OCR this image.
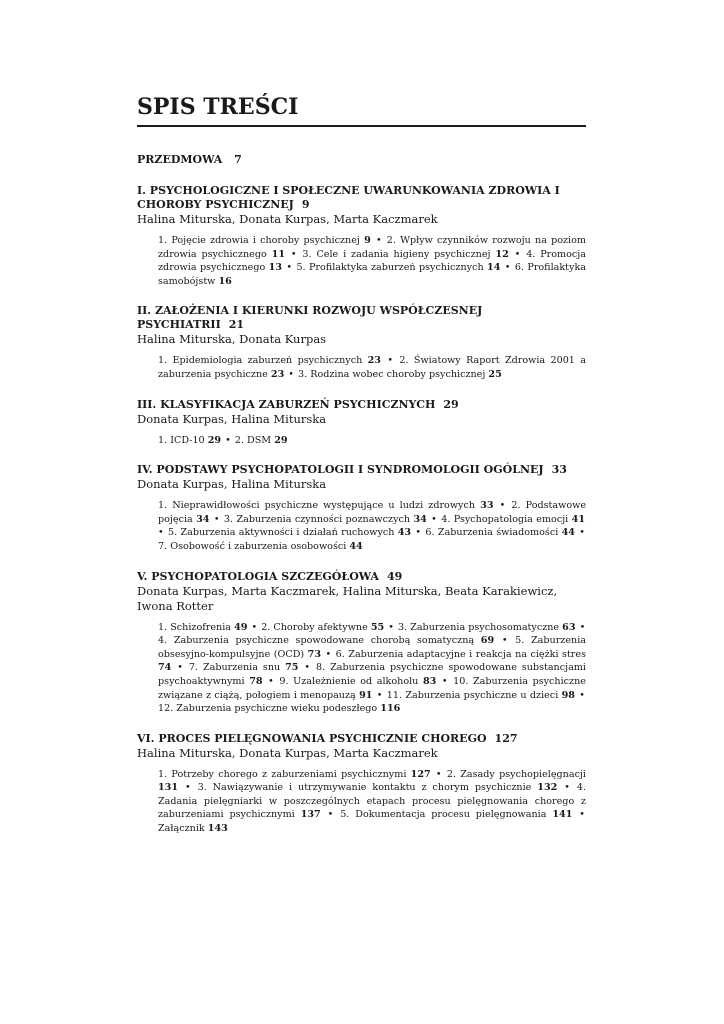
SPIS TREŚCI
PRZEDMOWA 7
I. PSYCHOLOGICZNE I SPOŁECZNE UWARUNKOWANIA ZDROWIA I CHOROBY PSYCHICZNEJ 9
Halina Miturska, Donata Kurpas, Marta Kaczmarek
1. Pojęcie zdrowia i choroby psychicznej 9 • 2. Wpływ czynników rozwoju na poziom zdrowia psychicznego 11 • 3. Cele i zadania higieny psychicznej 12 • 4. Promocja zdrowia psychicznego 13 • 5. Profilaktyka zaburzeń psychicznych 14 • 6. Profilaktyka samobójstw 16
II. ZAŁOŻENIA I KIERUNKI ROZWOJU WSPÓŁCZESNEJ PSYCHIATRII 21
Halina Miturska, Donata Kurpas
1. Epidemiologia zaburzeń psychicznych 23 • 2. Światowy Raport Zdrowia 2001 a zaburzenia psychiczne 23 • 3. Rodzina wobec choroby psychicznej 25
III. KLASYFIKACJA ZABURZEŃ PSYCHICZNYCH 29
Donata Kurpas, Halina Miturska
1. ICD-10 29 • 2. DSM 29
IV. PODSTAWY PSYCHOPATOLOGII I SYNDROMOLOGII OGÓLNEJ 33
Donata Kurpas, Halina Miturska
1. Nieprawidłowości psychiczne występujące u ludzi zdrowych 33 • 2. Podstawowe pojęcia 34 • 3. Zaburzenia czynności poznawczych 34 • 4. Psychopatologia emocji 41 • 5. Zaburzenia aktywności i działań ruchowych 43 • 6. Zaburzenia świadomości 44 • 7. Osobowość i zaburzenia osobowości 44
V. PSYCHOPATOLOGIA SZCZEGÓŁOWA 49
Donata Kurpas, Marta Kaczmarek, Halina Miturska, Beata Karakiewicz, Iwona Rotter
1. Schizofrenia 49 • 2. Choroby afektywne 55 • 3. Zaburzenia psychosomatyczne 63 • 4. Zaburzenia psychiczne spowodowane chorobą somatyczną 69 • 5. Zaburzenia obsesyjno-kompulsyjne (OCD) 73 • 6. Zaburzenia adaptacyjne i reakcja na ciężki stres 74 • 7. Zaburzenia snu 75 • 8. Zaburzenia psychiczne spowodowane substancjami psychoaktywnymi 78 • 9. Uzależnienie od alkoholu 83 • 10. Zaburzenia psychiczne związane z ciążą, połogiem i menopauzą 91 • 11. Zaburzenia psychiczne u dzieci 98 • 12. Zaburzenia psychiczne wieku podeszłego 116
VI. PROCES PIELĘGNOWANIA PSYCHICZNIE CHOREGO 127
Halina Miturska, Donata Kurpas, Marta Kaczmarek
1. Potrzeby chorego z zaburzeniami psychicznymi 127 • 2. Zasady psychopielęgnacji 131 • 3. Nawiązywanie i utrzymywanie kontaktu z chorym psychicznie 132 • 4. Zadania pielęgniarki w poszczególnych etapach procesu pielęgnowania chorego z zaburzeniami psychicznymi 137 • 5. Dokumentacja procesu pielęgnowania 141 • Załącznik 143
